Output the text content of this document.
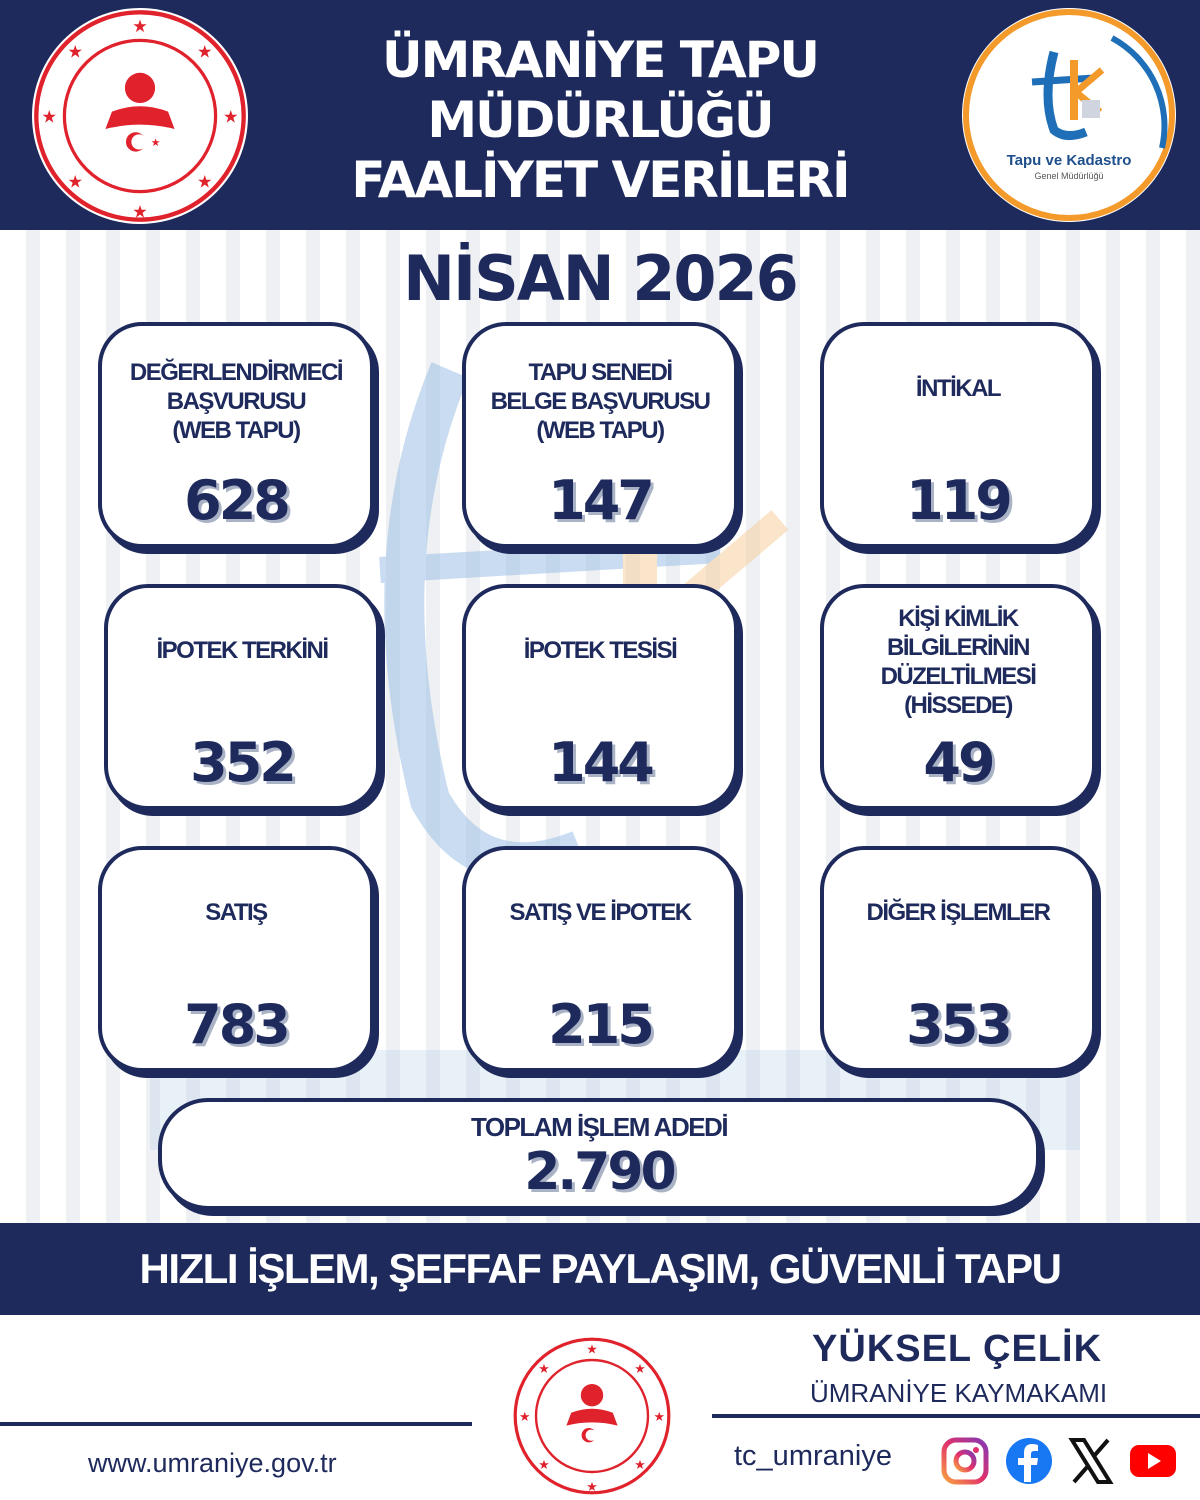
★
★
★
★
★
★
★
★
★
ÜMRANİYE TAPU
MÜDÜRLÜĞÜ
FAALİYET VERİLERİ	Tapu ve Kadastro
Genel Müdürlüğü
NİSAN 2026
DEĞERLENDİRMECİ
BAŞVURUSU
(WEB TAPU)
628
TAPU SENEDİ
BELGE BAŞVURUSU
(WEB TAPU)
147
İNTİKAL
119
İPOTEK TERKİNİ
352
İPOTEK TESİSİ
144
KİŞİ KİMLİK
BİLGİLERİNİN
DÜZELTİLMESİ
(HİSSEDE)
49
SATIŞ
783
SATIŞ VE İPOTEK
215
DİĞER İŞLEMLER
353
TOPLAM İŞLEM ADEDİ
2.790
HIZLI İŞLEM, ŞEFFAF PAYLAŞIM, GÜVENLİ TAPU
www.umraniye.gov.tr
★
★
★
★
★
★
★
★	YÜKSEL ÇELİK
ÜMRANİYE KAYMAKAMI
tc_umraniye
